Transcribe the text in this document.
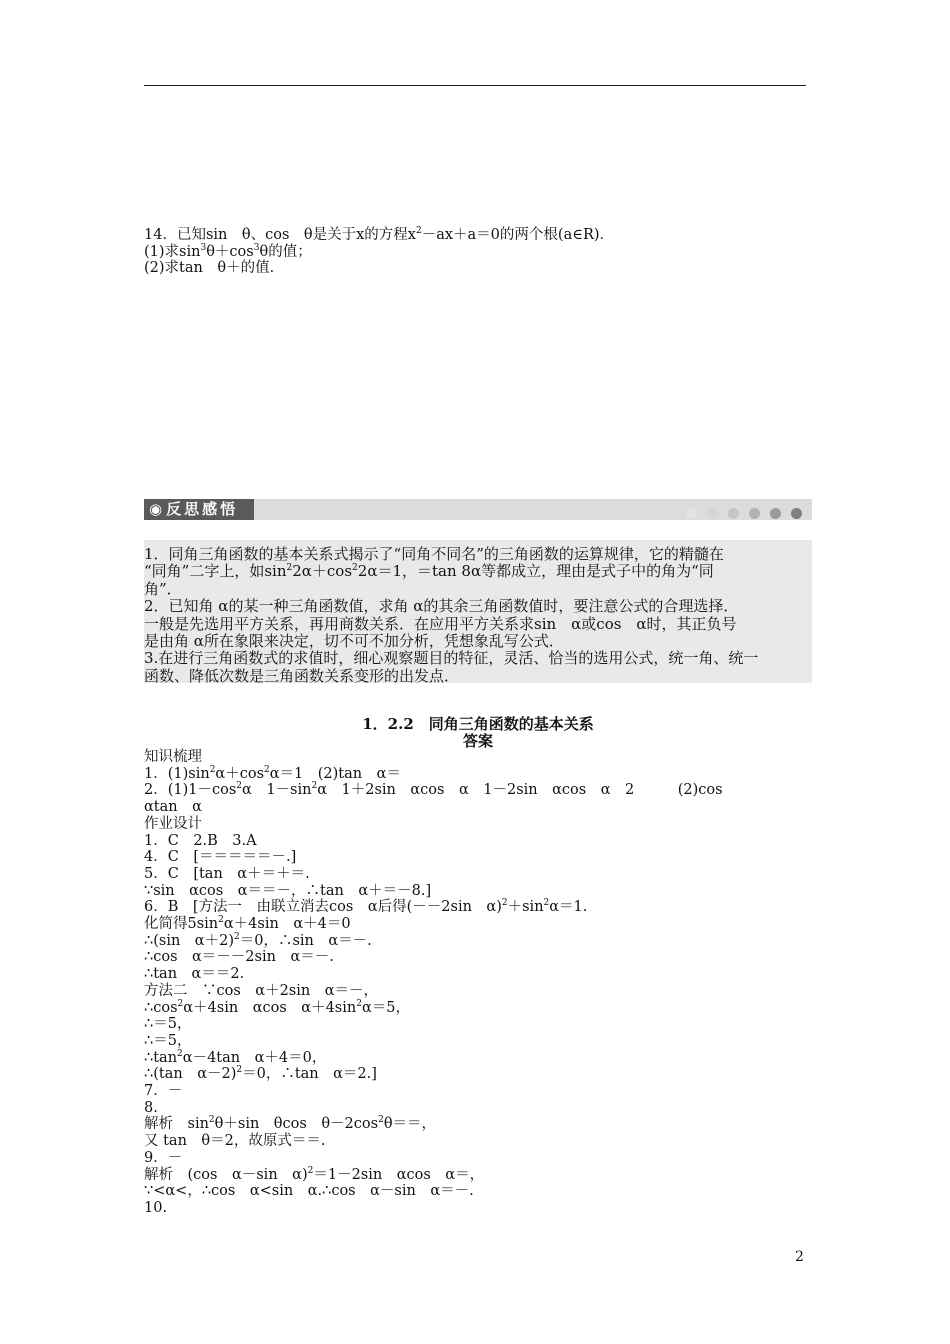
14．已知sin　θ、cos　θ是关于x的方程$x^2-ax+a=0$的两个根(a∈R)．
(1)求$\sin^3\theta+\cos^3\theta$的值；
(2)求tan　θ＋的值．
◉ 反思感悟
1．同角三角函数的基本关系式揭示了“同角不同名”的三角函数的运算规律，它的精髓在
“同角”二字上，如$\sin^22\alpha+\cos^22\alpha=1$，＝tan 8α等都成立，理由是式子中的角为“同
角”．
2．已知角 α的某一种三角函数值，求角 α的其余三角函数值时，要注意公式的合理选择．
一般是先选用平方关系，再用商数关系．在应用平方关系求sin　α或cos　α时，其正负号
是由角 α所在象限来决定，切不可不加分析，凭想象乱写公式．
3.在进行三角函数式的求值时，细心观察题目的特征，灵活、恰当的选用公式，统一角、统一
函数、降低次数是三角函数关系变形的出发点．
1．2.2　同角三角函数的基本关系
答案
知识梳理
1．$(1)\sin^2\alpha+\cos^2\alpha=1$　(2)tan　α＝
2．$(1)1-\cos^2\alpha$　$1-\sin^2\alpha$　1＋2sin　αcos　α　1－2sin　αcos　α　2　　　(2)cos
αtan　α
作业设计
1．C　2.B　3.A
4．C　[＝＝＝＝＝－.]
5．C　[tan　α＋＝＋＝.
∵sin　αcos　α＝＝－，∴tan　α＋＝－8.]
6．B　[方法一　由联立消去cos　α后得(－－2sin　$\alpha)^2+\sin^2\alpha=1$.
化简得$5\sin^2\alpha+4\sin$　α＋4＝0
∴(sin　α＋2)$^2$＝0，∴sin　α＝－.
∴cos　α＝－－2sin　α＝－.
∴tan　α＝＝2.
方法二　∵cos　α＋2sin　α＝－，
$\therefore\cos^2\alpha+4\sin$　αcos　$\alpha+4\sin^2\alpha=5$，
∴＝5，
∴＝5，
$\therefore\tan^2\alpha-4\tan$　α＋4＝0，
∴(tan　α－2)$^2$＝0，∴tan　α＝2.]
7．－
8.
解析　$\sin^2\theta+\sin$　θcos　$\theta-2\cos^2\theta==$，
又 tan　θ＝2，故原式＝＝.
9．－
解析　(cos　α－sin　α)$^2$＝1－2sin　αcos　α＝，
∵<α<，∴cos　α<sin　α.∴cos　α－sin　α＝－.
10.
2
